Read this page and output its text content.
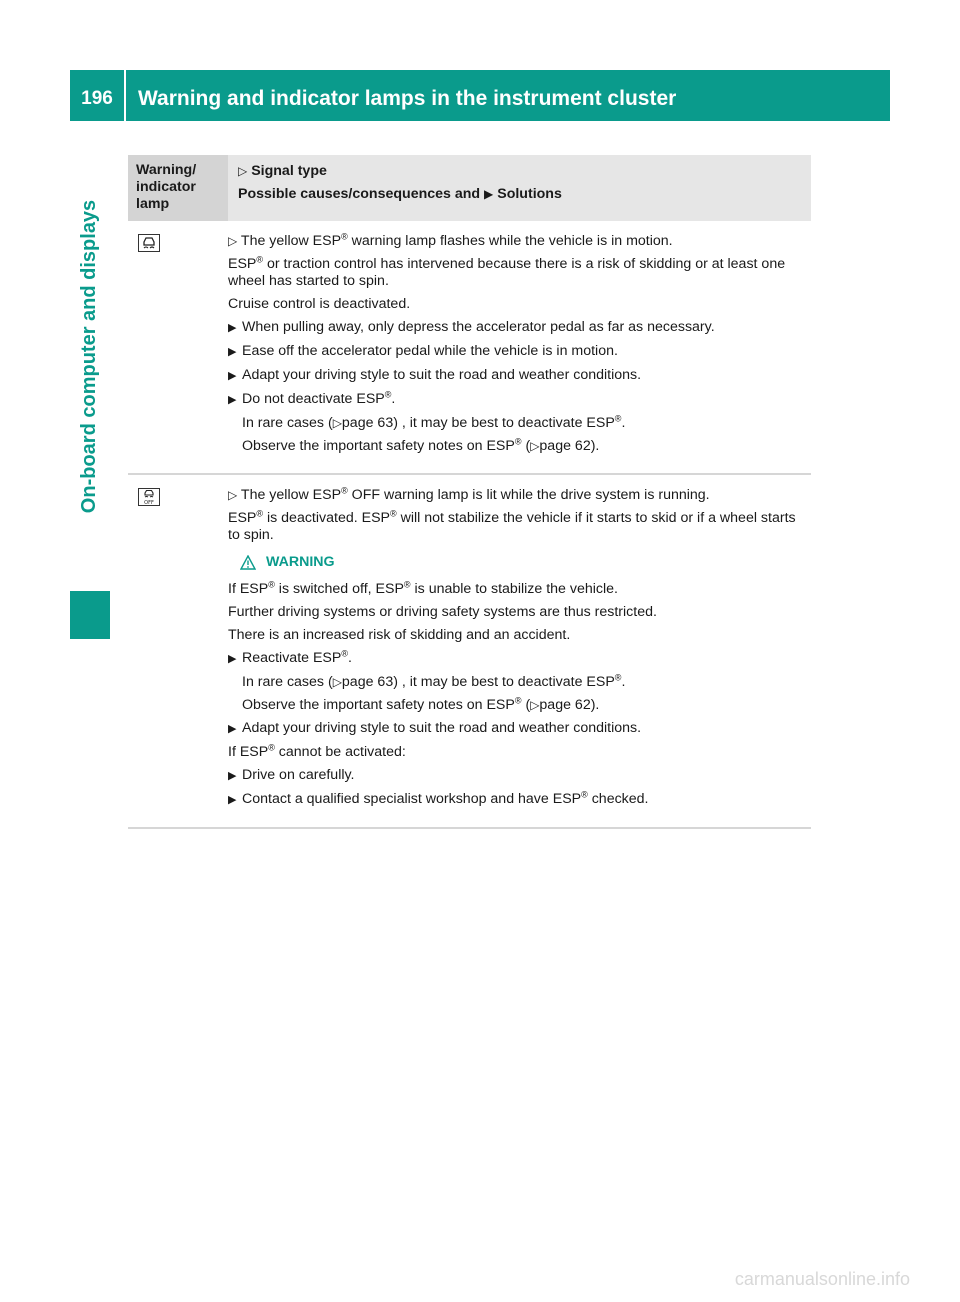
196	Warning and indicator lamps in the instrument cluster
On-board computer and displays
Warning/
indicator
lamp
▷ Signal type
Possible causes/consequences and ▶ Solutions

▷ The yellow ESP® warning lamp flashes while the vehicle is in motion.

ESP® or traction control has intervened because there is a risk of skidding or at least one wheel has started to spin.

Cruise control is deactivated.

▶ When pulling away, only depress the accelerator pedal as far as necessary.
▶ Ease off the accelerator pedal while the vehicle is in motion.
▶ Adapt your driving style to suit the road and weather conditions.
▶ Do not deactivate ESP®.
In rare cases (▷page 63) , it may be best to deactivate ESP®.
Observe the important safety notes on ESP® (▷page 62).
OFF

▷ The yellow ESP® OFF warning lamp is lit while the drive system is running.

ESP® is deactivated. ESP® will not stabilize the vehicle if it starts to skid or if a wheel starts to spin.

WARNING

If ESP® is switched off, ESP® is unable to stabilize the vehicle.

Further driving systems or driving safety systems are thus restricted.

There is an increased risk of skidding and an accident.

▶ Reactivate ESP®.
In rare cases (▷page 63) , it may be best to deactivate ESP®.
Observe the important safety notes on ESP® (▷page 62).
▶ Adapt your driving style to suit the road and weather conditions.

If ESP® cannot be activated:

▶ Drive on carefully.
▶ Contact a qualified specialist workshop and have ESP® checked.
carmanualsonline.info
